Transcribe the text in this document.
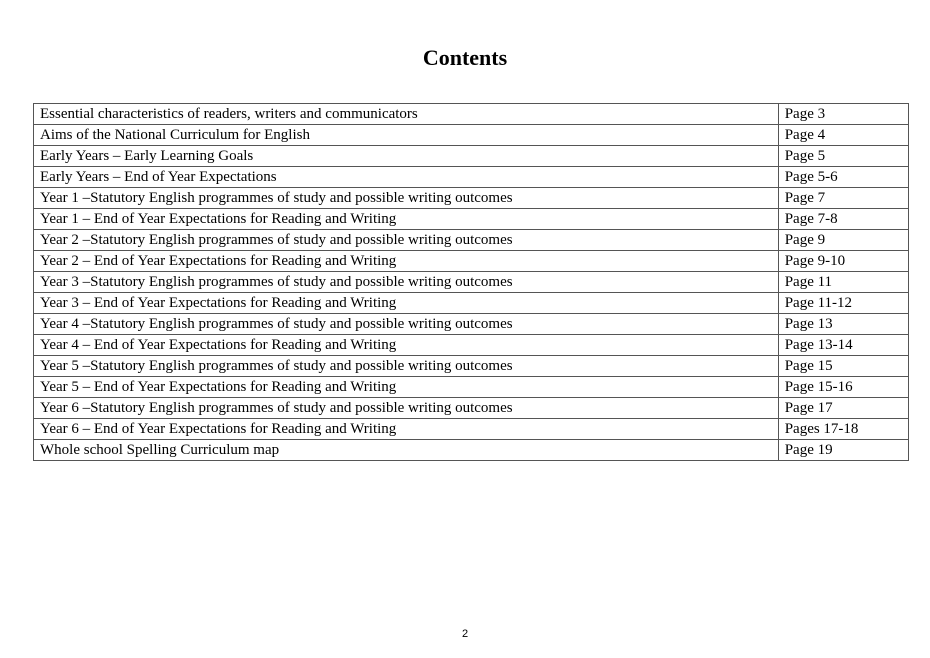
Contents
Essential characteristics of readers, writers and communicators	Page 3
Aims of the National Curriculum for English	Page 4
Early Years – Early Learning Goals	Page 5
Early Years – End of Year Expectations	Page 5-6
Year 1 –Statutory English programmes of study and possible writing outcomes	Page 7
Year 1 – End of Year Expectations for Reading and Writing	Page 7-8
Year 2 –Statutory English programmes of study and possible writing outcomes	Page 9
Year 2 – End of Year Expectations for Reading and Writing	Page 9-10
Year 3 –Statutory English programmes of study and possible writing outcomes	Page 11
Year 3 – End of Year Expectations for Reading and Writing	Page 11-12
Year 4 –Statutory English programmes of study and possible writing outcomes	Page 13
Year 4 – End of Year Expectations for Reading and Writing	Page 13-14
Year 5 –Statutory English programmes of study and possible writing outcomes	Page 15
Year 5 – End of Year Expectations for Reading and Writing	Page 15-16
Year 6 –Statutory English programmes of study and possible writing outcomes	Page 17
Year 6 – End of Year Expectations for Reading and Writing	Pages 17-18
Whole school Spelling Curriculum map	Page 19
2
